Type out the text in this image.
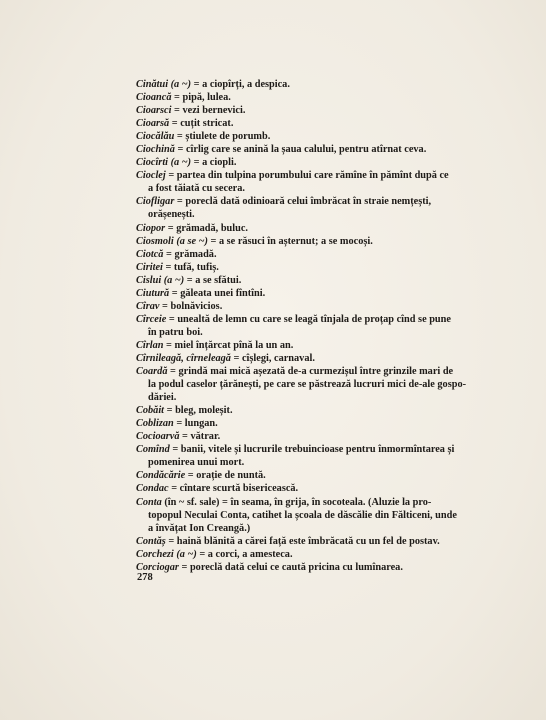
Cinătui (a ~) = a ciopîrți, a despica.
Cioancă = pipă, lulea.
Cioarsci = vezi bernevici.
Cioarsă = cuțit stricat.
Ciocălău = știulete de porumb.
Ciochină = cîrlig care se anină la șaua calului, pentru atîrnat ceva.
Ciocîrti (a ~) = a ciopli.
Cioclej = partea din tulpina porumbului care rămîne în pămînt după ce
a fost tăiată cu secera.
Ciofligar = poreclă dată odinioară celui îmbrăcat în straie nemțești,
orășenești.
Ciopor = grămadă, buluc.
Ciosmoli (a se ~) = a se răsuci în așternut; a se mocoși.
Ciotcă = grămadă.
Ciritei = tufă, tufiș.
Cislui (a ~) = a se sfătui.
Ciutură = găleata unei fîntîni.
Cîrav = bolnăvicios.
Cîrceie = unealtă de lemn cu care se leagă tînjala de proțap cînd se pune
în patru boi.
Cîrlan = miel înțărcat pînă la un an.
Cîrnileagă, cîrneleagă = cîșlegi, carnaval.
Coardă = grindă mai mică așezată de-a curmezișul între grinzile mari de
la podul caselor țărănești, pe care se păstrează lucruri mici de-ale gospo-
dăriei.
Cobăit = bleg, moleșit.
Coblizan = lungan.
Cocioarvă = vătrar.
Comînd = banii, vitele și lucrurile trebuincioase pentru înmormîntarea și
pomenirea unui mort.
Condăcărie = orație de nuntă.
Condac = cîntare scurtă bisericească.
Conta (în ~ sf. sale) = în seama, în grija, în socoteala. (Aluzie la pro-
topopul Neculai Conta, catihet la școala de dăscălie din Fălticeni, unde
a învățat Ion Creangă.)
Contăș = haină blănită a cărei față este îmbrăcată cu un fel de postav.
Corchezi (a ~) = a corci, a amesteca.
Corciogar = poreclă dată celui ce caută pricina cu lumînarea.
278
